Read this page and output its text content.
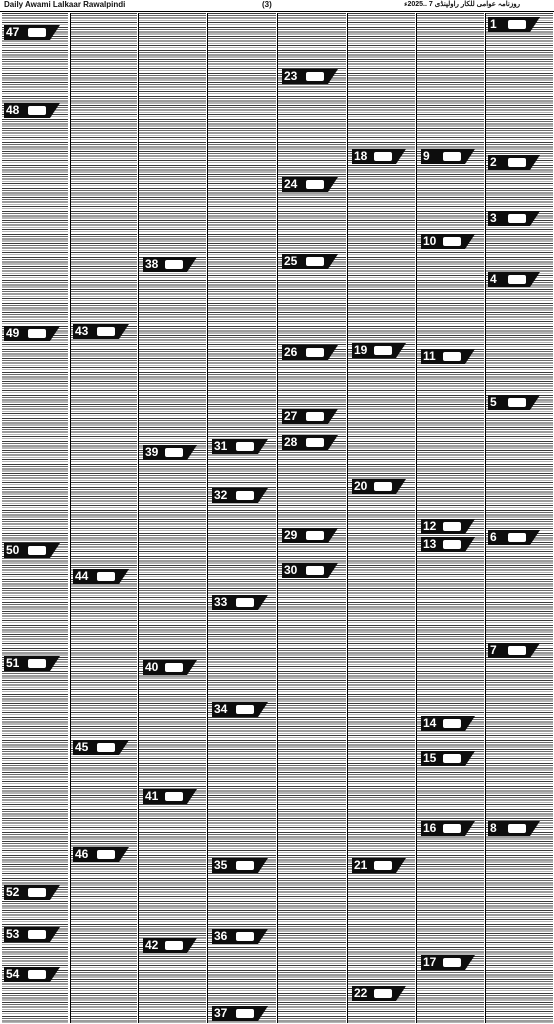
Daily Awami Lalkaar Rawalpindi	(3)	روزنامہ عوامی للکار راولپنڈی 7 ..2025ء
47
48
49
50
51
52
53
54
43
44
45
46
38
39
40
41
42
31
32
33
34
35
36
37
23
24
25
26
27
28
29
30
18
19
20
21
22
9
10
11
12
13
14
15
16
17
1
2
3
4
5
6
7
8
